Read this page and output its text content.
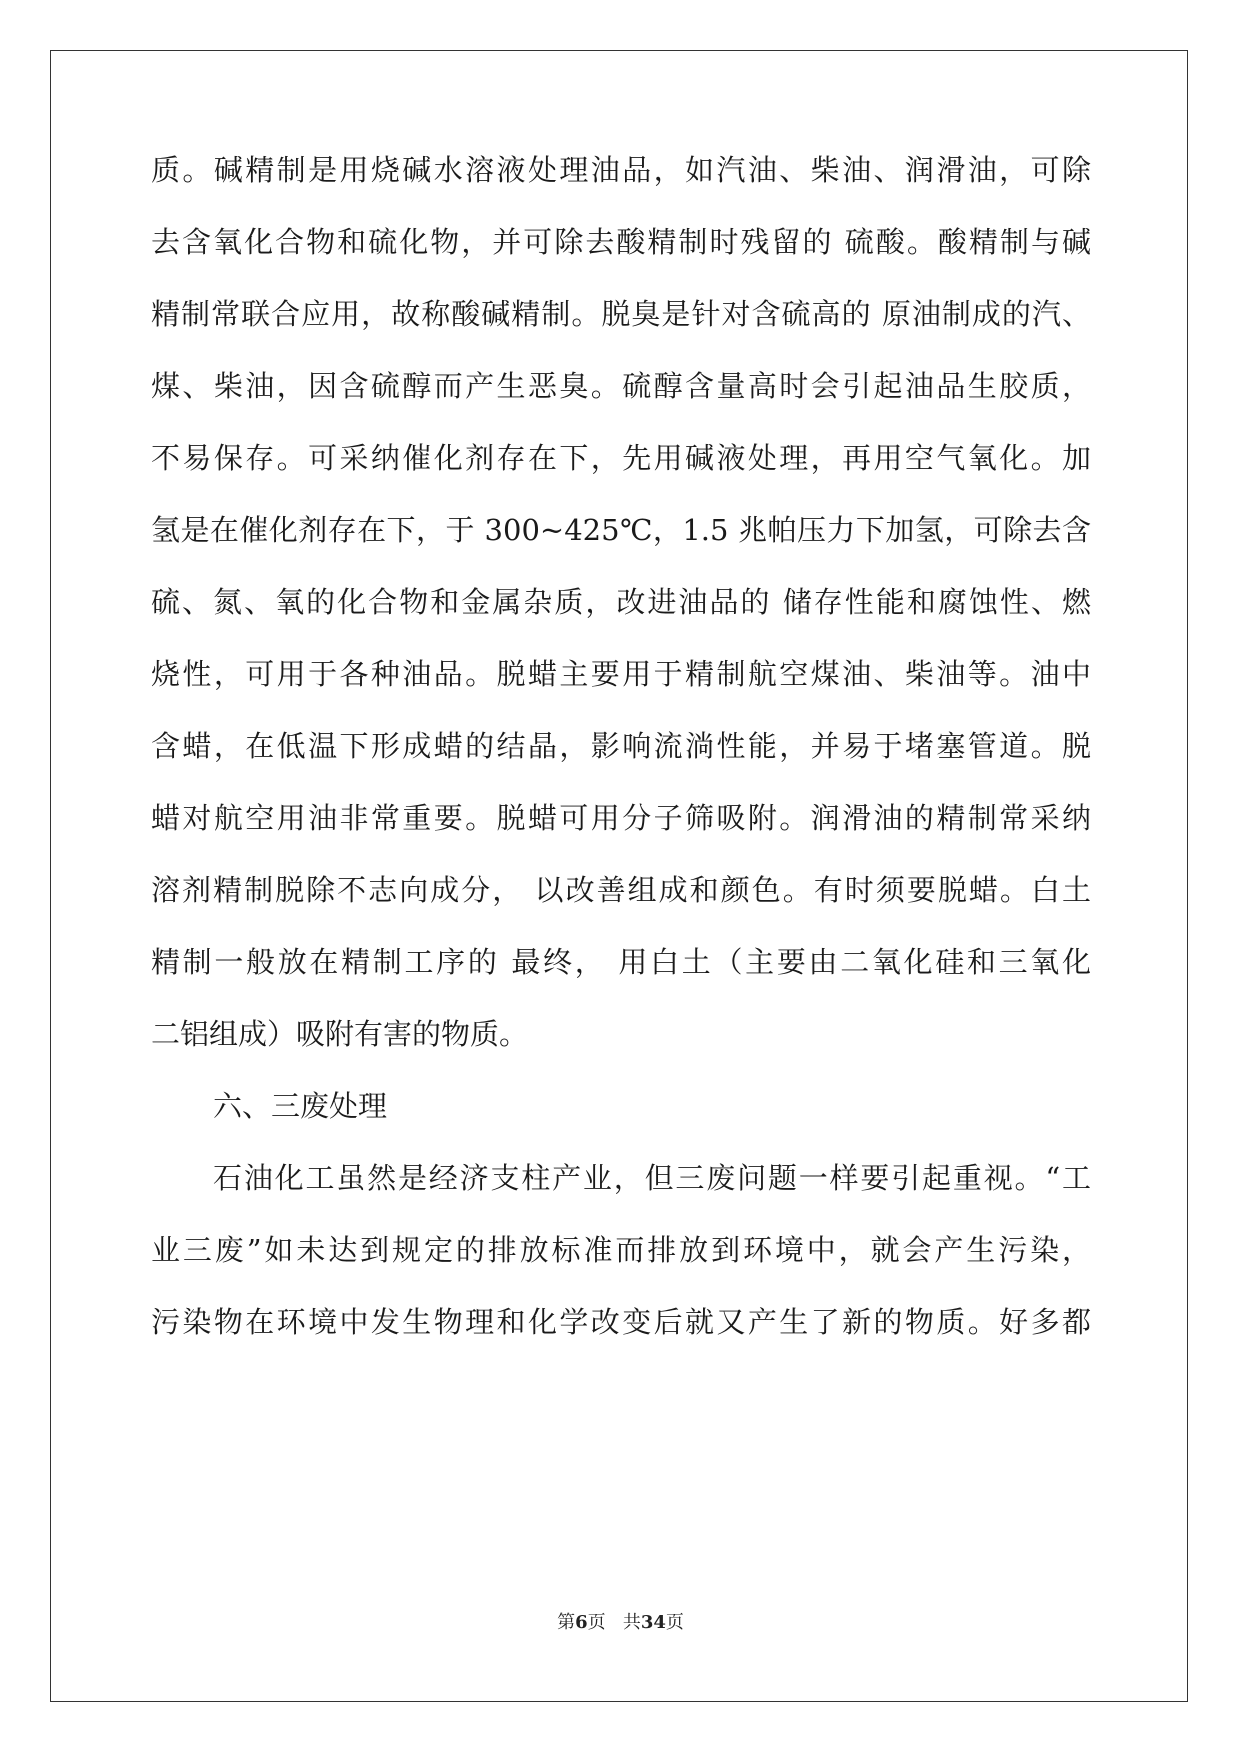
质。碱精制是用烧碱水溶液处理油品，如汽油、柴油、润滑油，可除
去含氧化合物和硫化物，并可除去酸精制时残留的 硫酸。酸精制与碱
精制常联合应用，故称酸碱精制。脱臭是针对含硫高的 原油制成的汽、
煤、柴油，因含硫醇而产生恶臭。硫醇含量高时会引起油品生胶质，
不易保存。可采纳催化剂存在下，先用碱液处理，再用空气氧化。加
氢是在催化剂存在下，于 300~425℃，1.5 兆帕压力下加氢，可除去含
硫、氮、氧的化合物和金属杂质，改进油品的 储存性能和腐蚀性、燃
烧性，可用于各种油品。脱蜡主要用于精制航空煤油、柴油等。油中
含蜡，在低温下形成蜡的结晶，影响流淌性能，并易于堵塞管道。脱
蜡对航空用油非常重要。脱蜡可用分子筛吸附。润滑油的精制常采纳
溶剂精制脱除不志向成分， 以改善组成和颜色。有时须要脱蜡。白土
精制一般放在精制工序的 最终， 用白土（主要由二氧化硅和三氧化
二铝组成）吸附有害的物质。
六、三废处理
石油化工虽然是经济支柱产业，但三废问题一样要引起重视。“工
业三废”如未达到规定的排放标准而排放到环境中，就会产生污染，
污染物在环境中发生物理和化学改变后就又产生了新的物质。好多都
第6页 共34页
